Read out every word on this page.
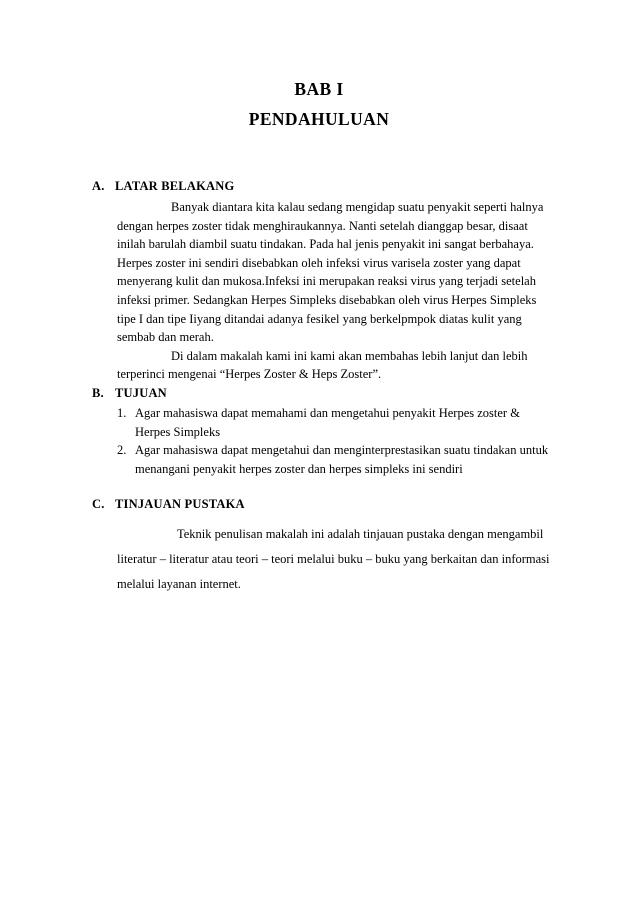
BAB I
PENDAHULUAN
A. LATAR BELAKANG
Banyak diantara kita kalau sedang mengidap suatu penyakit seperti halnya
dengan herpes zoster tidak menghiraukannya. Nanti setelah dianggap besar, disaat
inilah barulah diambil suatu tindakan. Pada hal jenis penyakit ini sangat berbahaya.
Herpes zoster ini sendiri disebabkan oleh infeksi virus varisela zoster yang dapat
menyerang kulit dan mukosa.Infeksi ini merupakan reaksi virus yang terjadi setelah
infeksi primer. Sedangkan Herpes Simpleks disebabkan oleh virus Herpes Simpleks
tipe I dan tipe Iiyang ditandai adanya fesikel yang berkelpmpok diatas kulit yang
sembab dan merah.
Di dalam makalah kami ini kami akan membahas lebih lanjut dan lebih
terperinci mengenai “Herpes Zoster & Heps Zoster”.
B. TUJUAN
1. Agar mahasiswa dapat memahami dan mengetahui penyakit Herpes zoster &
Herpes Simpleks
2. Agar mahasiswa dapat mengetahui dan menginterprestasikan suatu tindakan untuk
menangani penyakit herpes zoster dan herpes simpleks ini sendiri
C. TINJAUAN PUSTAKA
Teknik penulisan makalah ini adalah tinjauan pustaka dengan mengambil
literatur – literatur atau teori – teori melalui buku – buku yang berkaitan dan informasi
melalui layanan internet.
